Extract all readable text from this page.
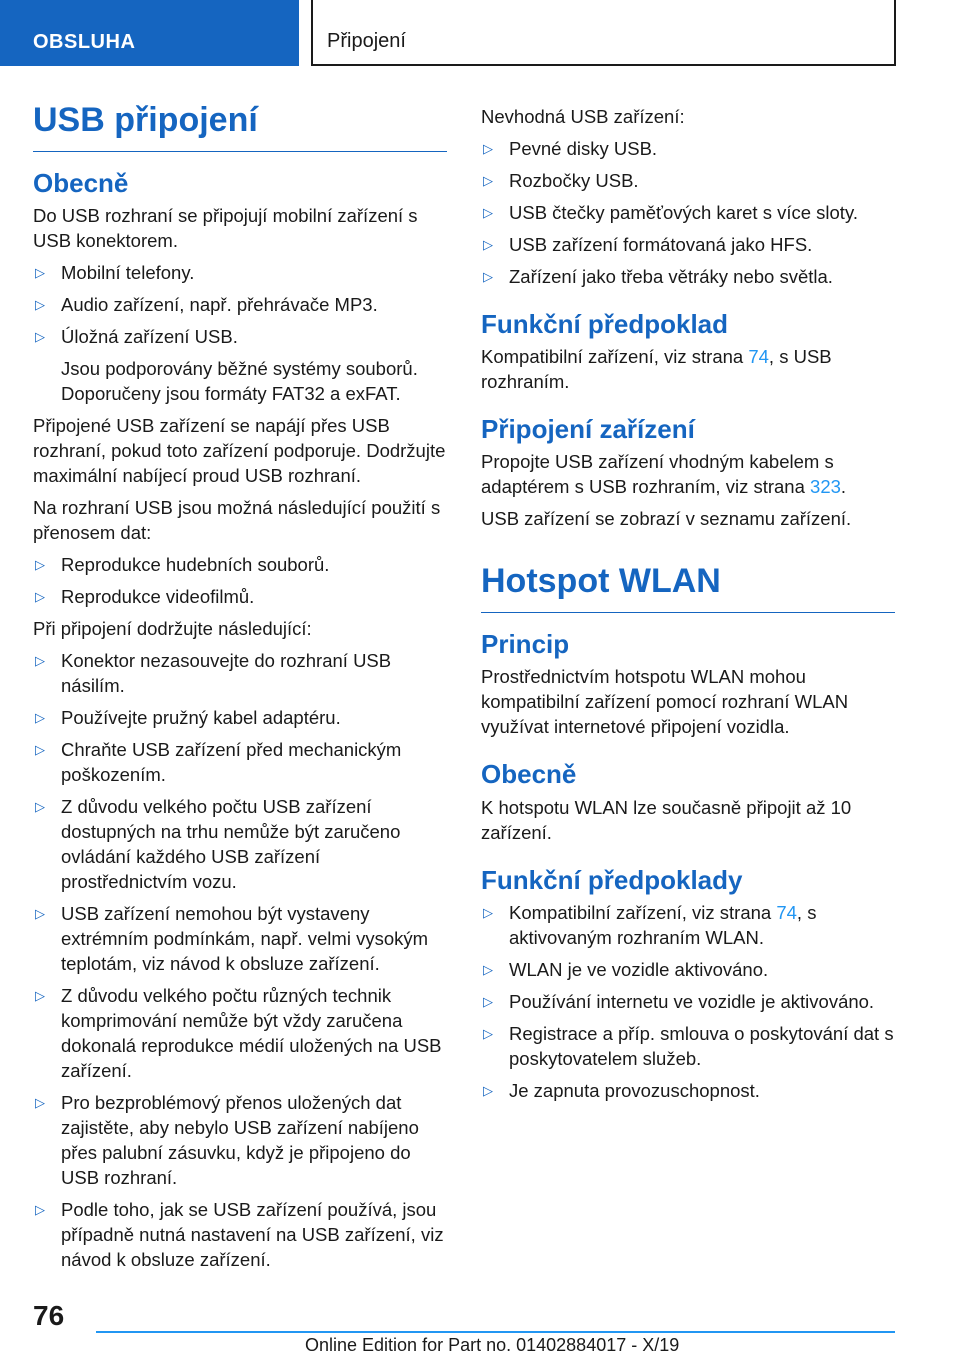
OBSLUHA	Připojení
USB připojení
Obecně

Do USB rozhraní se připojují mobilní zařízení s USB konektorem.

▷ Mobilní telefony.
▷ Audio zařízení, např. přehrávače MP3.
▷ Úložná zařízení USB.
Jsou podporovány běžné systémy souborů. Doporučeny jsou formáty FAT32 a exFAT.

Připojené USB zařízení se napájí přes USB rozhraní, pokud toto zařízení podporuje. Dodržujte maximální nabíjecí proud USB rozhraní.

Na rozhraní USB jsou možná následující použití s přenosem dat:

▷ Reprodukce hudebních souborů.
▷ Reprodukce videofilmů.

Při připojení dodržujte následující:

▷ Konektor nezasouvejte do rozhraní USB násilím.
▷ Používejte pružný kabel adaptéru.
▷ Chraňte USB zařízení před mechanickým poškozením.
▷ Z důvodu velkého počtu USB zařízení dostupných na trhu nemůže být zaručeno ovládání každého USB zařízení prostřednictvím vozu.
▷ USB zařízení nemohou být vystaveny extrémním podmínkám, např. velmi vysokým teplotám, viz návod k obsluze zařízení.
▷ Z důvodu velkého počtu různých technik komprimování nemůže být vždy zaručena dokonalá reprodukce médií uložených na USB zařízení.
▷ Pro bezproblémový přenos uložených dat zajistěte, aby nebylo USB zařízení nabíjeno přes palubní zásuvku, když je připojeno do USB rozhraní.
▷ Podle toho, jak se USB zařízení používá, jsou případně nutná nastavení na USB zařízení, viz návod k obsluze zařízení.

Nevhodná USB zařízení:

▷ Pevné disky USB.
▷ Rozbočky USB.
▷ USB čtečky paměťových karet s více sloty.
▷ USB zařízení formátovaná jako HFS.
▷ Zařízení jako třeba větráky nebo světla.
Funkční předpoklad

Kompatibilní zařízení, viz strana 74, s USB rozhraním.

Připojení zařízení

Propojte USB zařízení vhodným kabelem s adaptérem s USB rozhraním, viz strana 323.

USB zařízení se zobrazí v seznamu zařízení.

Hotspot WLAN
Princip

Prostřednictvím hotspotu WLAN mohou kompatibilní zařízení pomocí rozhraní WLAN využívat internetové připojení vozidla.

Obecně

K hotspotu WLAN lze současně připojit až 10 zařízení.

Funkční předpoklady
▷ Kompatibilní zařízení, viz strana 74, s aktivovaným rozhraním WLAN.
▷ WLAN je ve vozidle aktivováno.
▷ Používání internetu ve vozidle je aktivováno.
▷ Registrace a příp. smlouva o poskytování dat s poskytovatelem služeb.
▷ Je zapnuta provozuschopnost.
76
Online Edition for Part no. 01402884017 - X/19
